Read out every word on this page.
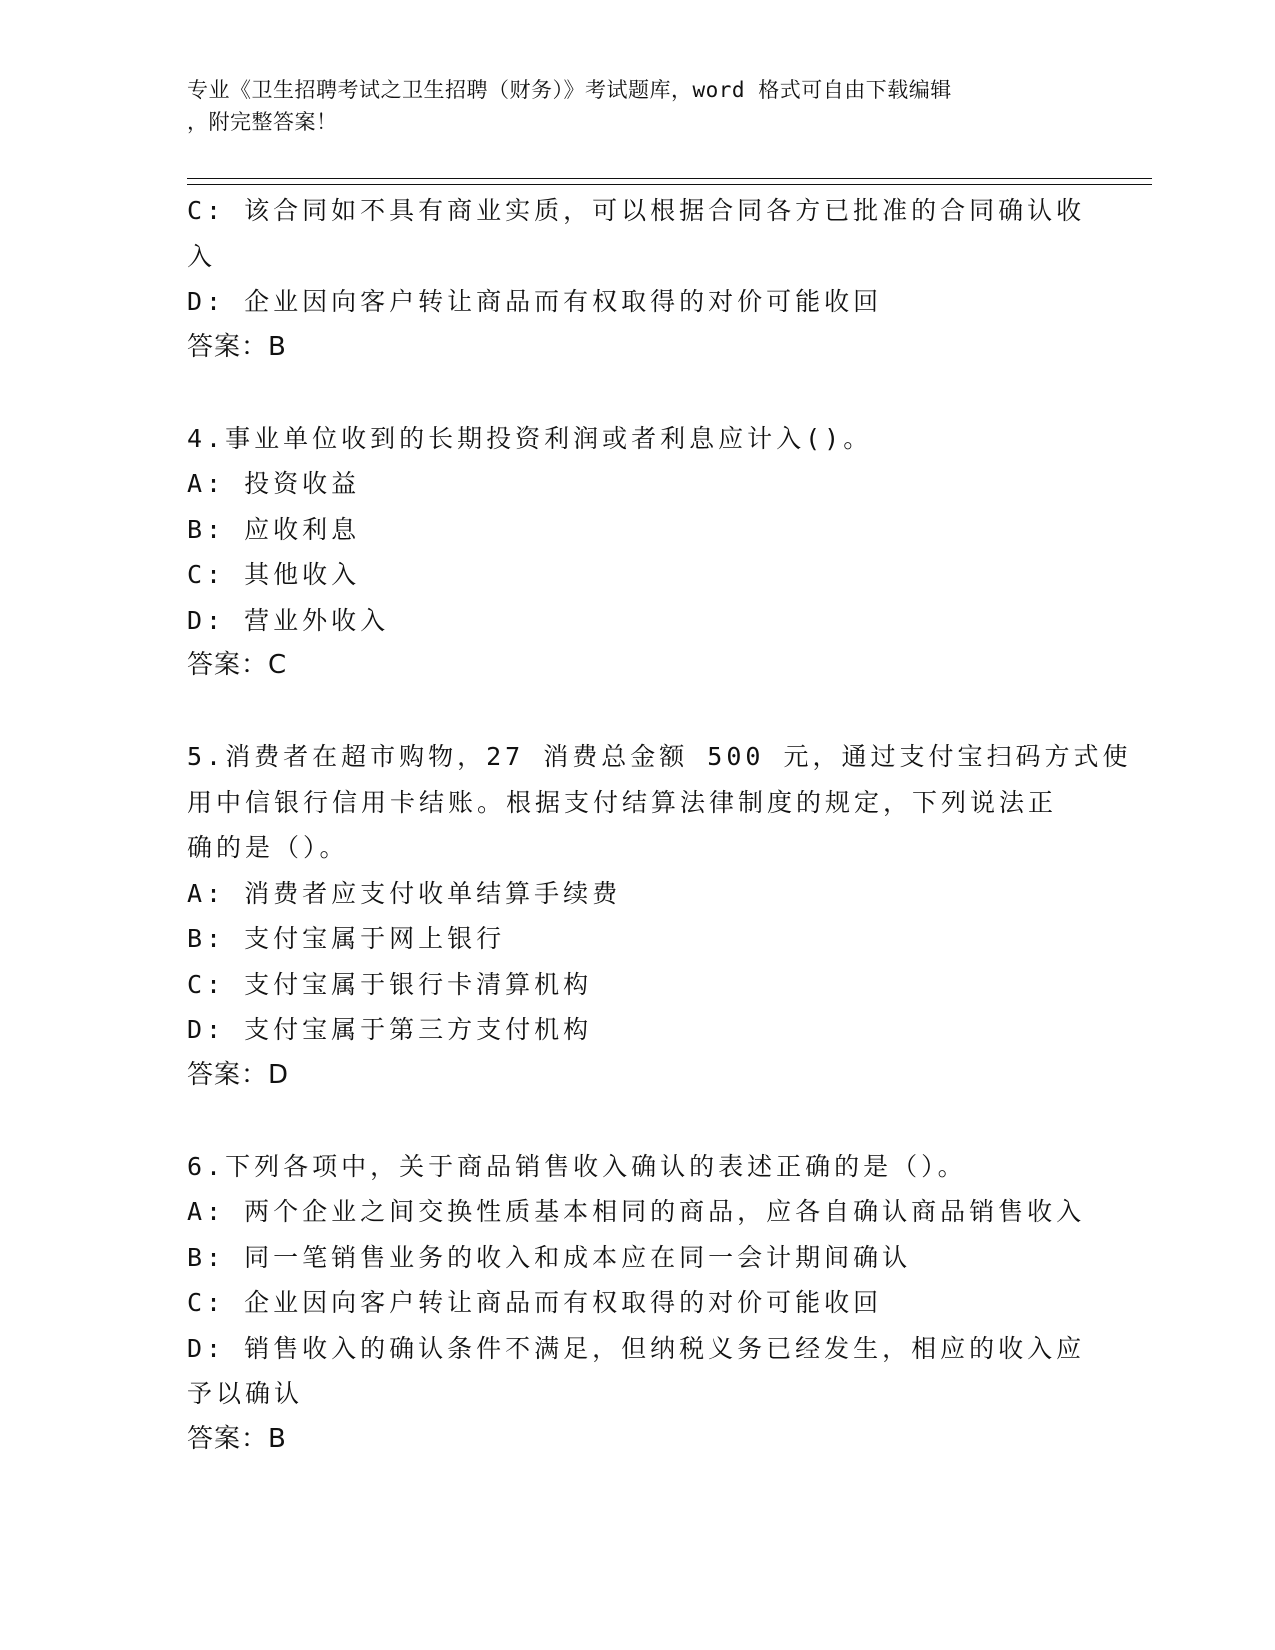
专业《卫生招聘考试之卫生招聘（财务）》考试题库，word 格式可自由下载编辑
，附完整答案！
C: 该合同如不具有商业实质，可以根据合同各方已批准的合同确认收
入
D: 企业因向客户转让商品而有权取得的对价可能收回
答案：B
4.事业单位收到的长期投资利润或者利息应计入()。
A: 投资收益
B: 应收利息
C: 其他收入
D: 营业外收入
答案：C
5.消费者在超市购物，27 消费总金额 500 元，通过支付宝扫码方式使
用中信银行信用卡结账。根据支付结算法律制度的规定，下列说法正
确的是（）。
A: 消费者应支付收单结算手续费
B: 支付宝属于网上银行
C: 支付宝属于银行卡清算机构
D: 支付宝属于第三方支付机构
答案：D
6.下列各项中，关于商品销售收入确认的表述正确的是（）。
A: 两个企业之间交换性质基本相同的商品，应各自确认商品销售收入
B: 同一笔销售业务的收入和成本应在同一会计期间确认
C: 企业因向客户转让商品而有权取得的对价可能收回
D: 销售收入的确认条件不满足，但纳税义务已经发生，相应的收入应
予以确认
答案：B
